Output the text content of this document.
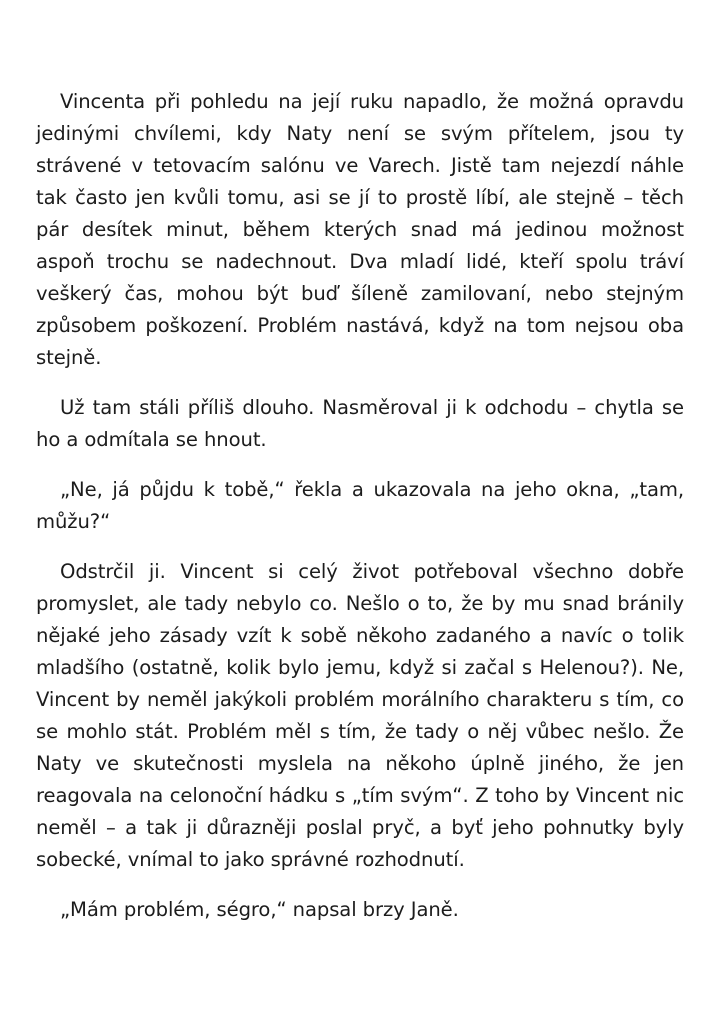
Vincenta při pohledu na její ruku napadlo, že možná opravdu jedinými chvílemi, kdy Naty není se svým přítelem, jsou ty strávené v tetovacím salónu ve Varech. Jistě tam nejezdí náhle tak často jen kvůli tomu, asi se jí to prostě líbí, ale stejně – těch pár desítek minut, během kterých snad má jedinou možnost aspoň trochu se nadechnout. Dva mladí lidé, kteří spolu tráví veškerý čas, mohou být buď šíleně zamilovaní, nebo stejným způsobem poškození. Problém nastává, když na tom nejsou oba stejně.

Už tam stáli příliš dlouho. Nasměroval ji k odchodu – chytla se ho a odmítala se hnout.

„Ne, já půjdu k tobě,“ řekla a ukazovala na jeho okna, „tam, můžu?“

Odstrčil ji. Vincent si celý život potřeboval všechno dobře promyslet, ale tady nebylo co. Nešlo o to, že by mu snad bránily nějaké jeho zásady vzít k sobě někoho zadaného a navíc o tolik mladšího (ostatně, kolik bylo jemu, když si začal s Helenou?). Ne, Vincent by neměl jakýkoli problém morálního charakteru s tím, co se mohlo stát. Problém měl s tím, že tady o něj vůbec nešlo. Že Naty ve skutečnosti myslela na někoho úplně jiného, že jen reagovala na celonoční hádku s „tím svým“. Z toho by Vincent nic neměl – a tak ji důrazněji poslal pryč, a byť jeho pohnutky byly sobecké, vnímal to jako správné rozhodnutí.

„Mám problém, ségro,“ napsal brzy Janě.
